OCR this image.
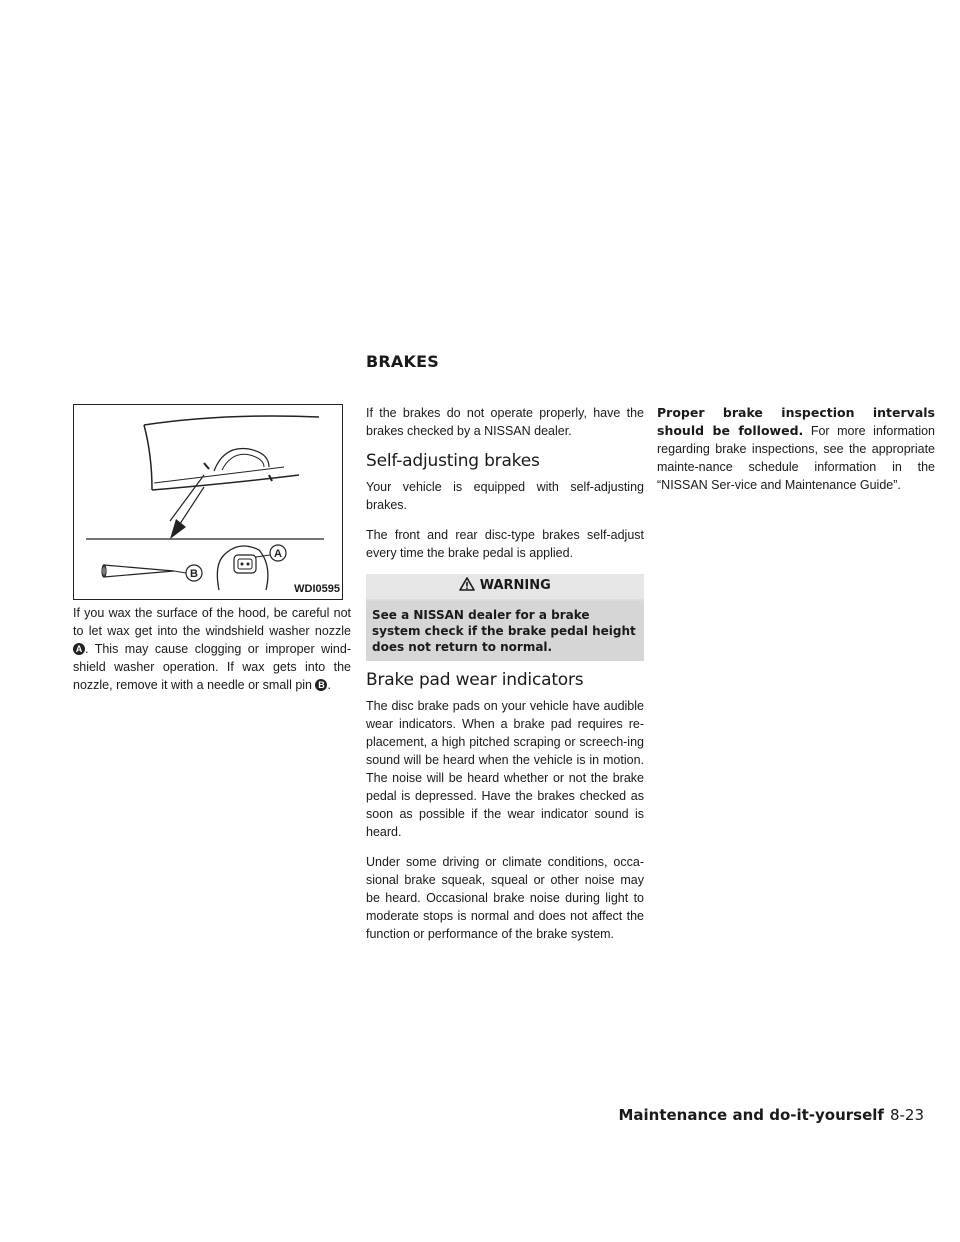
BRAKES
B
A
WDI0595

If you wax the surface of the hood, be careful not to let wax get into the windshield washer nozzle A . This may cause clogging or improper wind-shield washer operation. If wax gets into the nozzle, remove it with a needle or small pin B .

If the brakes do not operate properly, have the brakes checked by a NISSAN dealer.

Self-adjusting brakes

Your vehicle is equipped with self-adjusting brakes.

The front and rear disc-type brakes self-adjust every time the brake pedal is applied.

WARNING
See a NISSAN dealer for a brake system check if the brake pedal height does not return to normal.
Brake pad wear indicators

The disc brake pads on your vehicle have audible wear indicators. When a brake pad requires re-placement, a high pitched scraping or screech-ing sound will be heard when the vehicle is in motion. The noise will be heard whether or not the brake pedal is depressed. Have the brakes checked as soon as possible if the wear indicator sound is heard.

Under some driving or climate conditions, occa-sional brake squeak, squeal or other noise may be heard. Occasional brake noise during light to moderate stops is normal and does not affect the function or performance of the brake system.

Proper brake inspection intervals should be followed. For more information regarding brake inspections, see the appropriate mainte-nance schedule information in the “NISSAN Ser-vice and Maintenance Guide”.

Maintenance and do-it-yourself 8-23
